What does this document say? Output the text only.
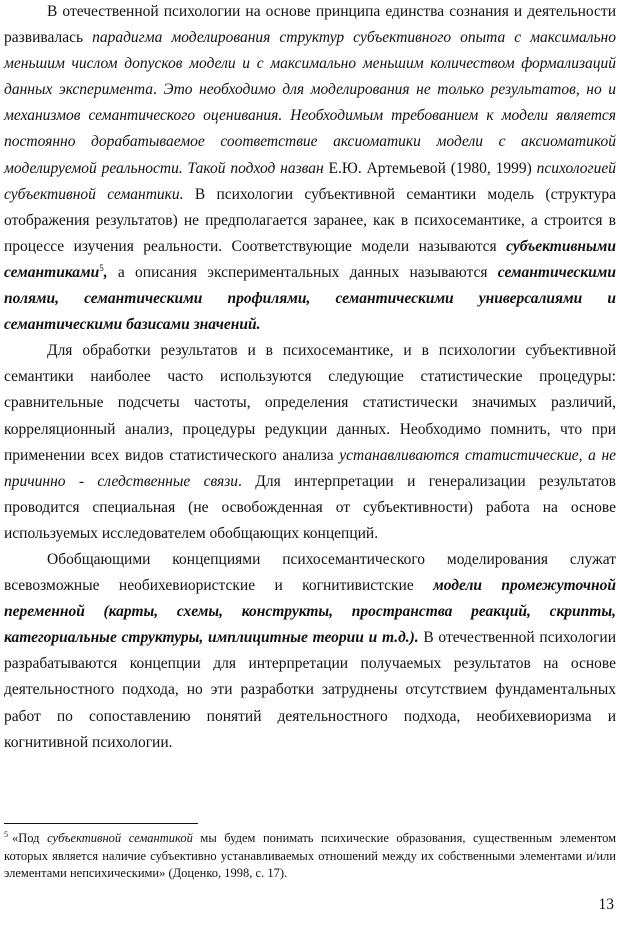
В отечественной психологии на основе принципа единства сознания и деятельности развивалась парадигма моделирования структур субъективного опыта с максимально меньшим числом допусков модели и с максимально меньшим количеством формализаций данных эксперимента. Это необходимо для моделирования не только результатов, но и механизмов семантического оценивания. Необходимым требованием к модели является постоянно дорабатываемое соответствие аксиоматики модели с аксиоматикой моделируемой реальности. Такой подход назван Е.Ю. Артемьевой (1980, 1999) психологией субъективной семантики. В психологии субъективной семантики модель (структура отображения результатов) не предполагается заранее, как в психосемантике, а строится в процессе изучения реальности. Соответствующие модели называются субъективными семантиками$^5$, а описания экспериментальных данных называются семантическими полями, семантическими профилями, семантическими универсалиями и семантическими базисами значений.

Для обработки результатов и в психосемантике, и в психологии субъективной семантики наиболее часто используются следующие статистические процедуры: сравнительные подсчеты частоты, определения статистически значимых различий, корреляционный анализ, процедуры редукции данных. Необходимо помнить, что при применении всех видов статистического анализа устанавливаются статистические, а не причинно - следственные связи. Для интерпретации и генерализации результатов проводится специальная (не освобожденная от субъективности) работа на основе используемых исследователем обобщающих концепций.

Обобщающими концепциями психосемантического моделирования служат всевозможные необихевиористские и когнитивистские модели промежуточной переменной (карты, схемы, конструкты, пространства реакций, скрипты, категориальные структуры, имплицитные теории и т.д.). В отечественной психологии разрабатываются концепции для интерпретации получаемых результатов на основе деятельностного подхода, но эти разработки затруднены отсутствием фундаментальных работ по сопоставлению понятий деятельностного подхода, необихевиоризма и когнитивной психологии.

$^5$ «Под субъективной семантикой мы будем понимать психические образования, существенным элементом которых является наличие субъективно устанавливаемых отношений между их собственными элементами и/или элементами непсихическими» (Доценко, 1998, с. 17).
13
